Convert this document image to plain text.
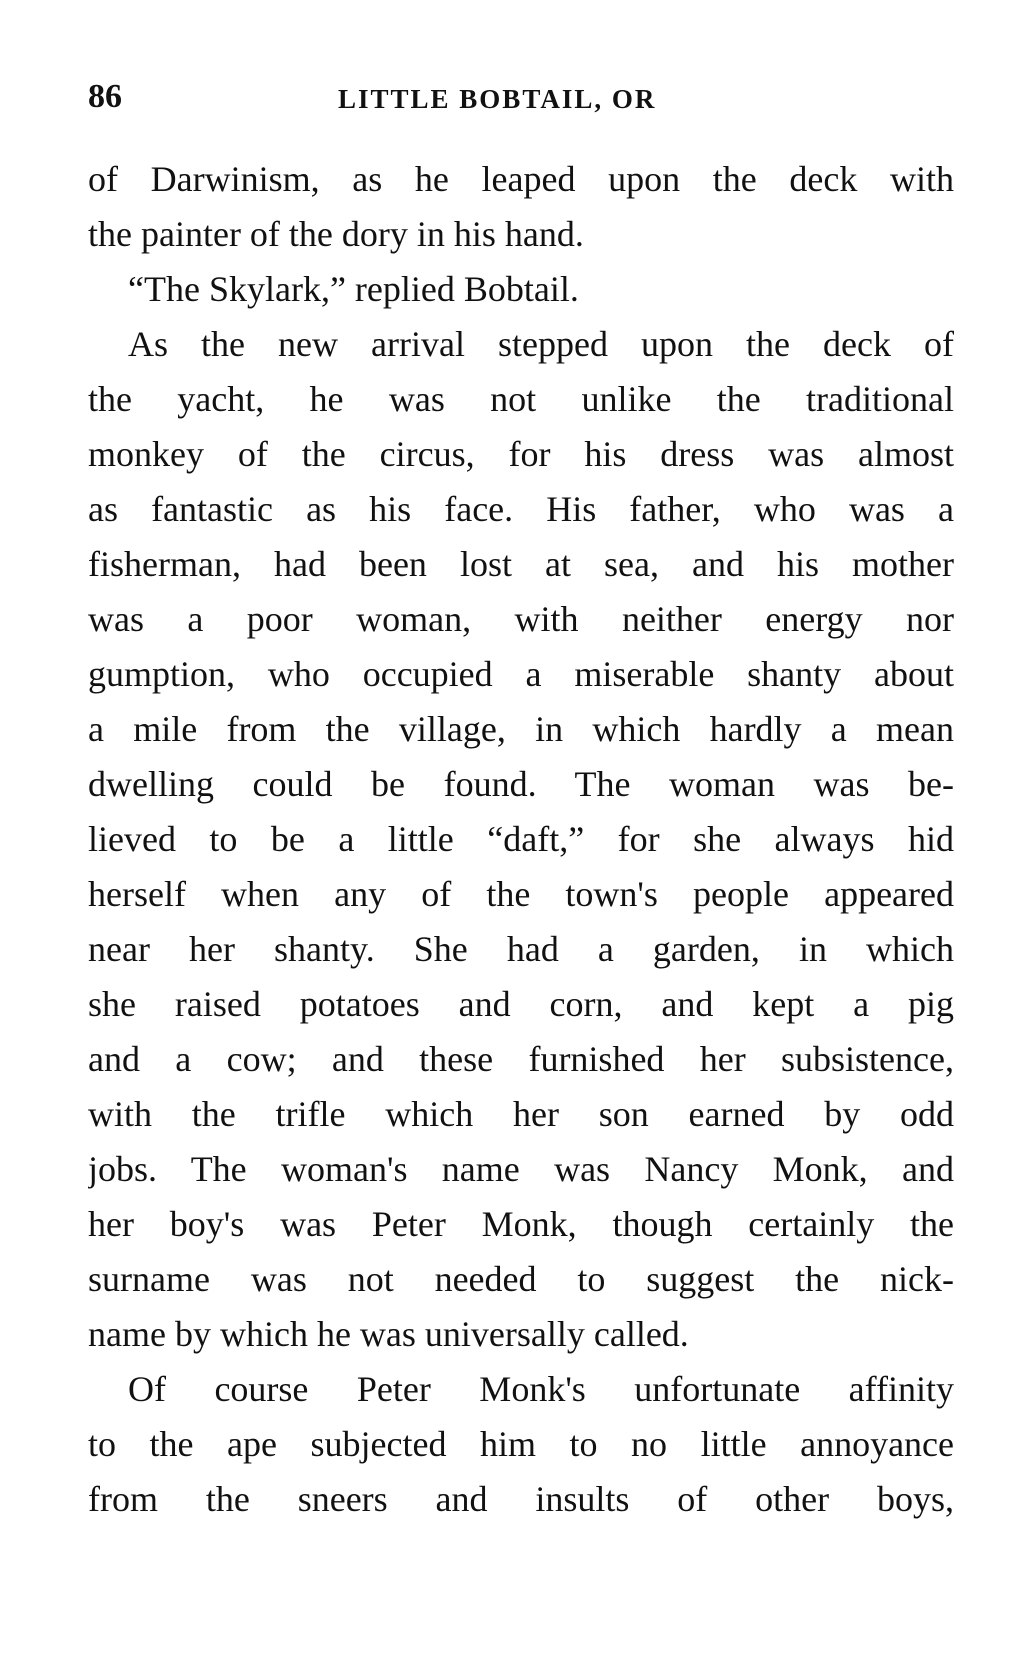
86	LITTLE BOBTAIL, OR
of Darwinism, as he leaped upon the deck with
the painter of the dory in his hand.
“The Skylark,” replied Bobtail.
As the new arrival stepped upon the deck of
the yacht, he was not unlike the traditional
monkey of the circus, for his dress was almost
as fantastic as his face. His father, who was a
fisherman, had been lost at sea, and his mother
was a poor woman, with neither energy nor
gumption, who occupied a miserable shanty about
a mile from the village, in which hardly a mean
dwelling could be found. The woman was be-
lieved to be a little “daft,” for she always hid
herself when any of the town's people appeared
near her shanty. She had a garden, in which
she raised potatoes and corn, and kept a pig
and a cow; and these furnished her subsistence,
with the trifle which her son earned by odd
jobs. The woman's name was Nancy Monk, and
her boy's was Peter Monk, though certainly the
surname was not needed to suggest the nick-
name by which he was universally called.
Of course Peter Monk's unfortunate affinity
to the ape subjected him to no little annoyance
from the sneers and insults of other boys,
